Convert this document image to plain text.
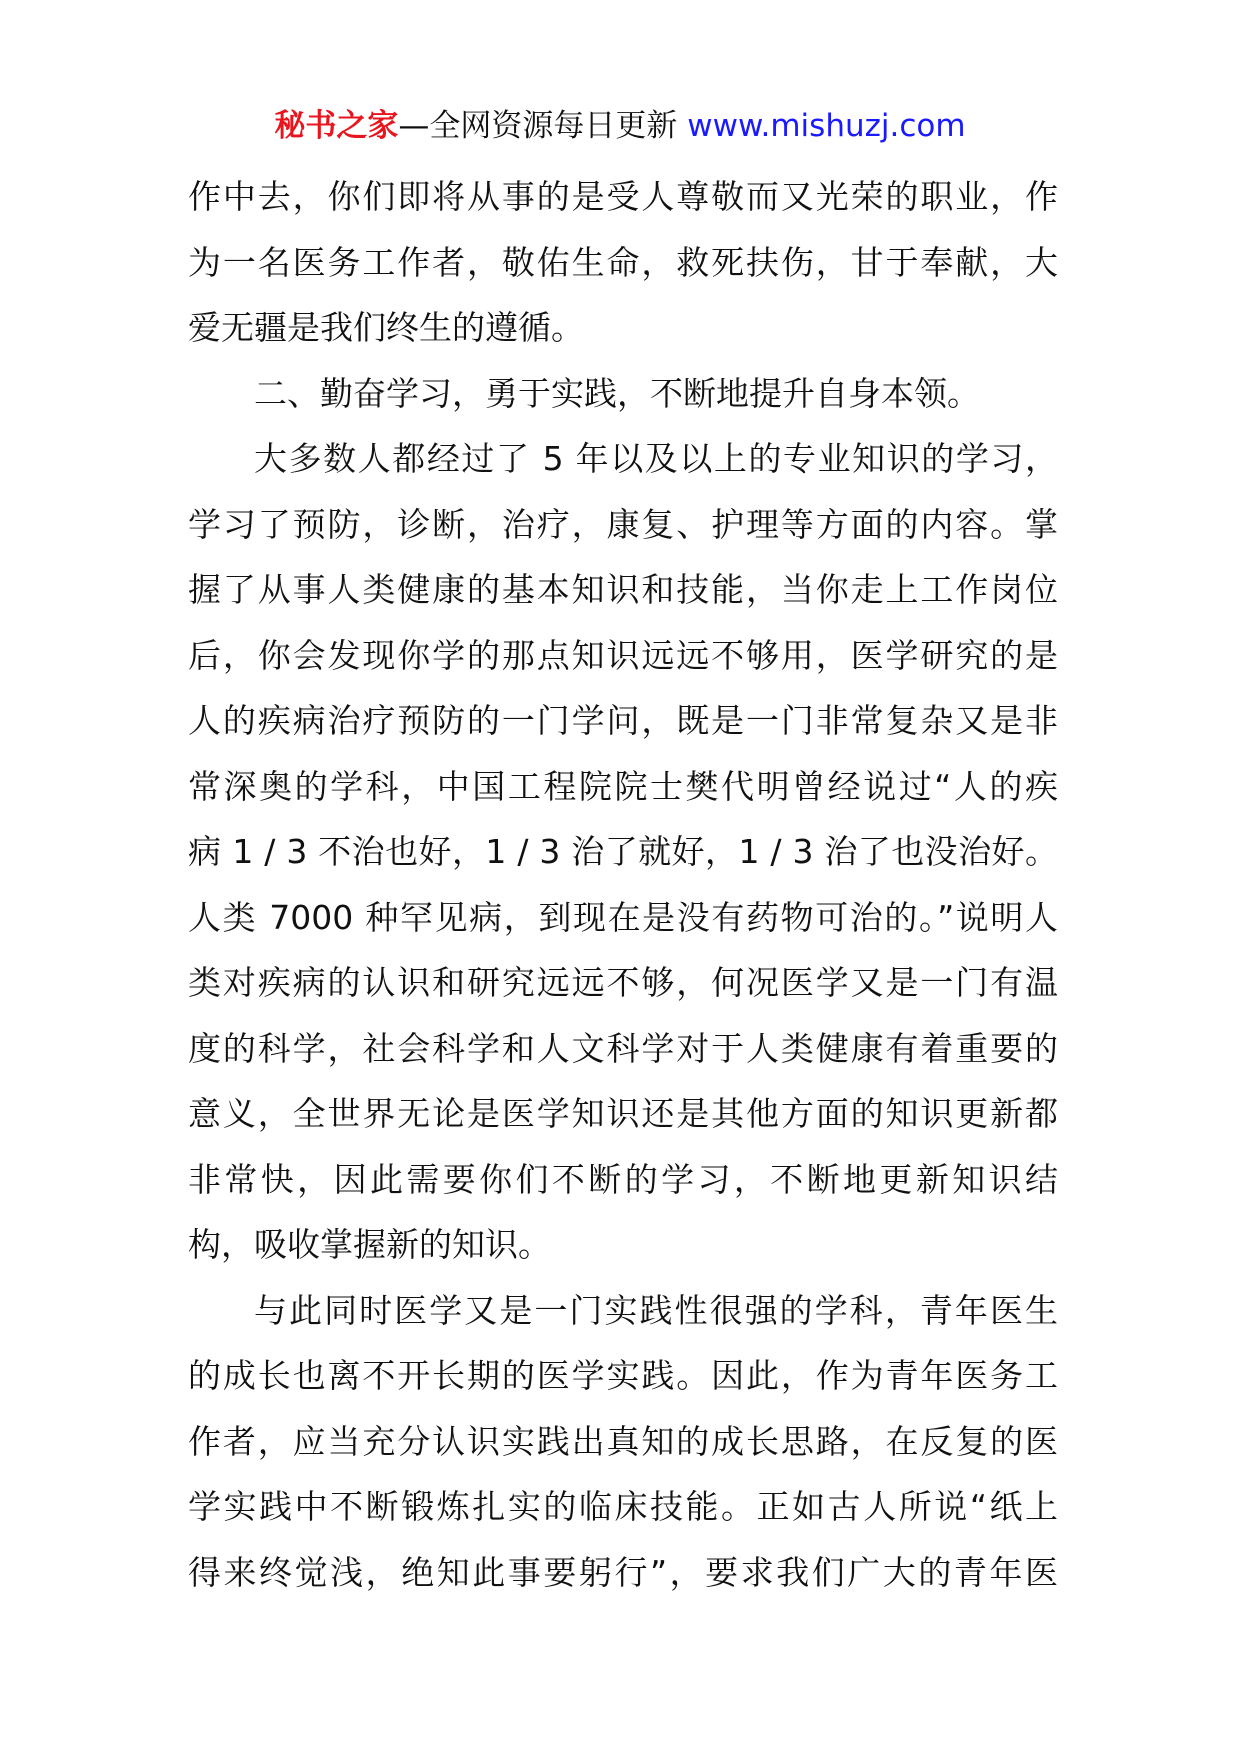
秘书之家—全网资源每日更新 www.mishuzj.com
作中去，你们即将从事的是受人尊敬而又光荣的职业，作
为一名医务工作者，敬佑生命，救死扶伤，甘于奉献，大
爱无疆是我们终生的遵循。
二、勤奋学习，勇于实践，不断地提升自身本领。
大多数人都经过了 5 年以及以上的专业知识的学习，
学习了预防，诊断，治疗，康复、护理等方面的内容。掌
握了从事人类健康的基本知识和技能，当你走上工作岗位
后，你会发现你学的那点知识远远不够用，医学研究的是
人的疾病治疗预防的一门学问，既是一门非常复杂又是非
常深奥的学科，中国工程院院士樊代明曾经说过“人的疾
病 1 / 3 不治也好，1 / 3 治了就好，1 / 3 治了也没治好。
人类 7000 种罕见病，到现在是没有药物可治的。”说明人
类对疾病的认识和研究远远不够，何况医学又是一门有温
度的科学，社会科学和人文科学对于人类健康有着重要的
意义，全世界无论是医学知识还是其他方面的知识更新都
非常快，因此需要你们不断的学习，不断地更新知识结
构，吸收掌握新的知识。
与此同时医学又是一门实践性很强的学科，青年医生
的成长也离不开长期的医学实践。因此，作为青年医务工
作者，应当充分认识实践出真知的成长思路，在反复的医
学实践中不断锻炼扎实的临床技能。正如古人所说“纸上
得来终觉浅，绝知此事要躬行”，要求我们广大的青年医
